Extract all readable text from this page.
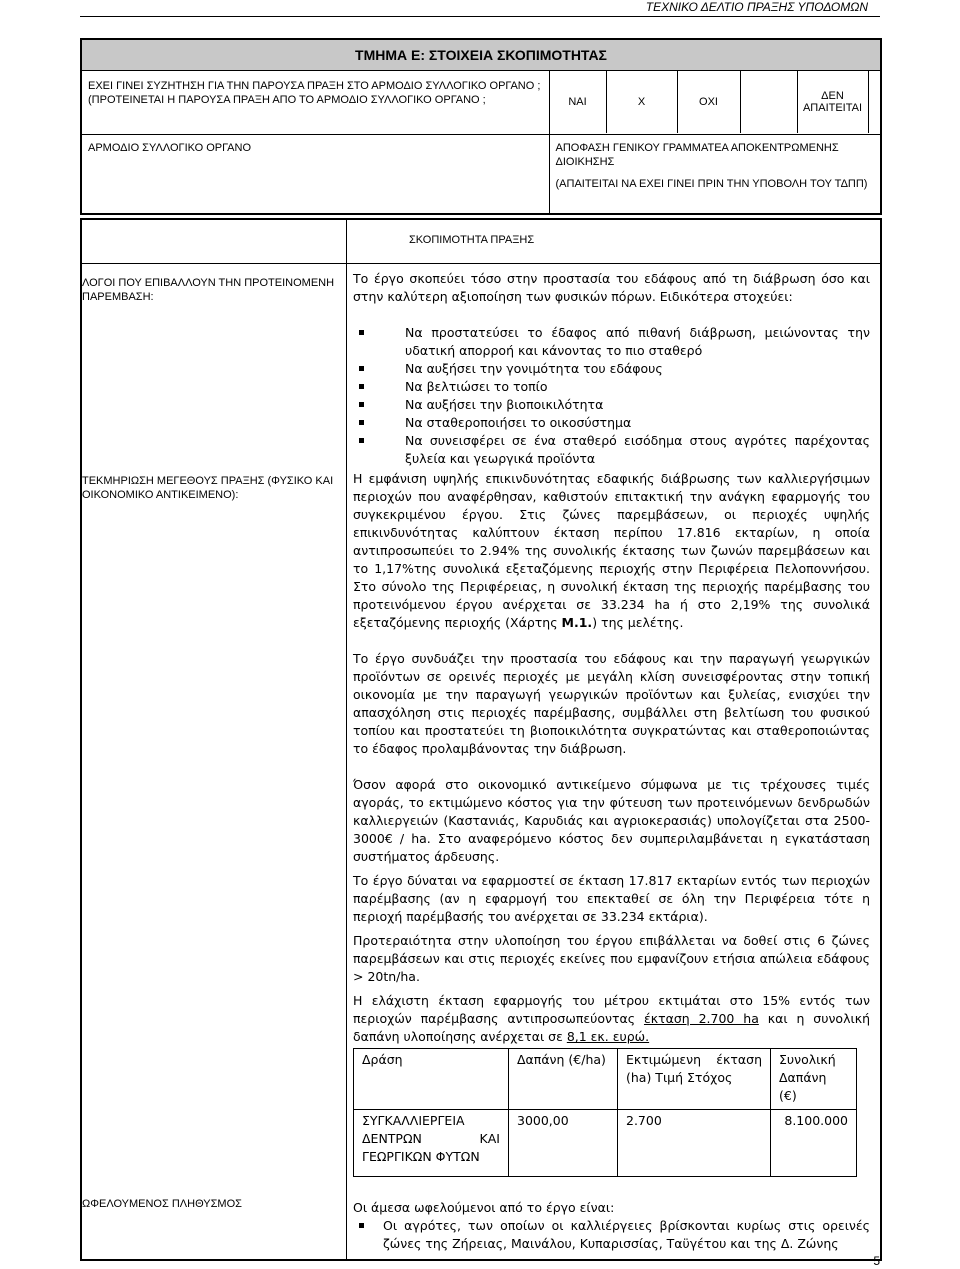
ΤΕΧΝΙΚΟ ΔΕΛΤΙΟ ΠΡΑΞΗΣ ΥΠΟΔΟΜΩΝ
ΤΜΗΜΑ Ε: ΣΤΟΙΧΕΙΑ ΣΚΟΠΙΜΟΤΗΤΑΣ
ΕΧΕΙ ΓΙΝΕΙ ΣΥΖΗΤΗΣΗ ΓΙΑ ΤΗΝ ΠΑΡΟΥΣΑ ΠΡΑΞΗ ΣΤΟ ΑΡΜΟΔΙΟ ΣΥΛΛΟΓΙΚΟ ΟΡΓΑΝΟ ; (ΠΡΟΤΕΙΝΕΤΑΙ Η ΠΑΡΟΥΣΑ ΠΡΑΞΗ ΑΠΟ ΤΟ ΑΡΜΟΔΙΟ ΣΥΛΛΟΓΙΚΟ ΟΡΓΑΝΟ ;		ΝΑΙ	Χ	ΟΧΙ		ΔΕΝ ΑΠΑΙΤΕΙΤΑΙ	

ΑΡΜΟΔΙΟ ΣΥΛΛΟΓΙΚΟ ΟΡΓΑΝΟ	ΑΠΟΦΑΣΗ ΓΕΝΙΚΟΥ ΓΡΑΜΜΑΤΕΑ ΑΠΟΚΕΝΤΡΩΜΕΝΗΣ ΔΙΟΙΚΗΣΗΣ
(ΑΠΑΙΤΕΙΤΑΙ ΝΑ ΕΧΕΙ ΓΙΝΕΙ ΠΡΙΝ ΤΗΝ ΥΠΟΒΟΛΗ ΤΟΥ ΤΔΠΠ)
	ΣΚΟΠΙΜΟΤΗΤΑ ΠΡΑΞΗΣ
ΛΟΓΟΙ ΠΟΥ ΕΠΙΒΑΛΛΟΥΝ ΤΗΝ ΠΡΟΤΕΙΝΟΜΕΝΗ ΠΑΡΕΜΒΑΣΗ:	
Το έργο σκοπεύει τόσο στην προστασία του εδάφους από τη διάβρωση όσο και στην καλύτερη αξιοποίηση των φυσικών πόρων. Ειδικότερα στοχεύει:
Να προστατεύσει το έδαφος από πιθανή διάβρωση, μειώνοντας την υδατική απορροή και κάνοντας το πιο σταθερό
Να αυξήσει την γονιμότητα του εδάφους
Να βελτιώσει το τοπίο
Να αυξήσει την βιοποικιλότητα
Να σταθεροποιήσει το οικοσύστημα
Να συνεισφέρει σε ένα σταθερό εισόδημα στους αγρότες παρέχοντας ξυλεία και γεωργικά προϊόντα

ΤΕΚΜΗΡΙΩΣΗ ΜΕΓΕΘΟΥΣ ΠΡΑΞΗΣ (ΦΥΣΙΚΟ ΚΑΙ ΟΙΚΟΝΟΜΙΚΟ ΑΝΤΙΚΕΙΜΕΝΟ):	
Η εμφάνιση υψηλής επικινδυνότητας εδαφικής διάβρωσης των καλλιεργήσιμων περιοχών που αναφέρθησαν, καθιστούν επιτακτική την ανάγκη εφαρμογής του συγκεκριμένου έργου. Στις ζώνες παρεμβάσεων, οι περιοχές υψηλής επικινδυνότητας καλύπτουν έκταση περίπου 17.816 εκταρίων, η οποία αντιπροσωπεύει το 2.94% της συνολικής έκτασης των ζωνών παρεμβάσεων και το 1,17%της συνολικά εξεταζόμενης περιοχής στην Περιφέρεια Πελοποννήσου. Στο σύνολο της Περιφέρειας, η συνολική έκταση της περιοχής παρέμβασης του προτεινόμενου έργου ανέρχεται σε 33.234 ha ή στο 2,19% της συνολικά εξεταζόμενης περιοχής (Χάρτης Μ.1.) της μελέτης.
Το έργο συνδυάζει την προστασία του εδάφους και την παραγωγή γεωργικών προϊόντων σε ορεινές περιοχές με μεγάλη κλίση συνεισφέροντας στην τοπική οικονομία με την παραγωγή γεωργικών προϊόντων και ξυλείας, ενισχύει την απασχόληση στις περιοχές παρέμβασης, συμβάλλει στη βελτίωση του φυσικού τοπίου και προστατεύει τη βιοποικιλότητα συγκρατώντας και σταθεροποιώντας το έδαφος προλαμβάνοντας την διάβρωση.
Όσον αφορά στο οικονομικό αντικείμενο σύμφωνα με τις τρέχουσες τιμές αγοράς, το εκτιμώμενο κόστος για την φύτευση των προτεινόμενων δενδρωδών καλλιεργειών (Καστανιάς, Καρυδιάς και αγριοκερασιάς) υπολογίζεται στα 2500-3000€ / ha. Στο αναφερόμενο κόστος δεν συμπεριλαμβάνεται η εγκατάσταση συστήματος άρδευσης.
Το έργο δύναται να εφαρμοστεί σε έκταση 17.817 εκταρίων εντός των περιοχών παρέμβασης (αν η εφαρμογή του επεκταθεί σε όλη την Περιφέρεια τότε η περιοχή παρέμβασής του ανέρχεται σε 33.234 εκτάρια).
Προτεραιότητα στην υλοποίηση του έργου επιβάλλεται να δοθεί στις 6 ζώνες παρεμβάσεων και στις περιοχές εκείνες που εμφανίζουν ετήσια απώλεια εδάφους > 20tn/ha.
Η ελάχιστη έκταση εφαρμογής του μέτρου εκτιμάται στο 15% εντός των περιοχών παρέμβασης αντιπροσωπεύοντας έκταση 2.700 ha και η συνολική δαπάνη υλοποίησης ανέρχεται σε 8,1 εκ. ευρώ.
Δράση	Δαπάνη (€/ha)	Εκτιμώμενη έκταση (ha) Τιμή Στόχος	Συνολική Δαπάνη (€)
ΣΥΓΚΑΛΛΙΕΡΓΕΙΑ ΔΕΝΤΡΩΝ ΚΑΙ ΓΕΩΡΓΙΚΩΝ ΦΥΤΩΝ	3000,00	2.700	8.100.000

ΩΦΕΛΟΥΜΕΝΟΣ ΠΛΗΘΥΣΜΟΣ	Οι άμεσα ωφελούμενοι από το έργο είναι:
Οι αγρότες, των οποίων οι καλλιέργειες βρίσκονται κυρίως στις ορεινές ζώνες της Ζήρειας, Μαινάλου, Κυπαρισσίας, Ταϋγέτου και της Δ. Ζώνης
5
